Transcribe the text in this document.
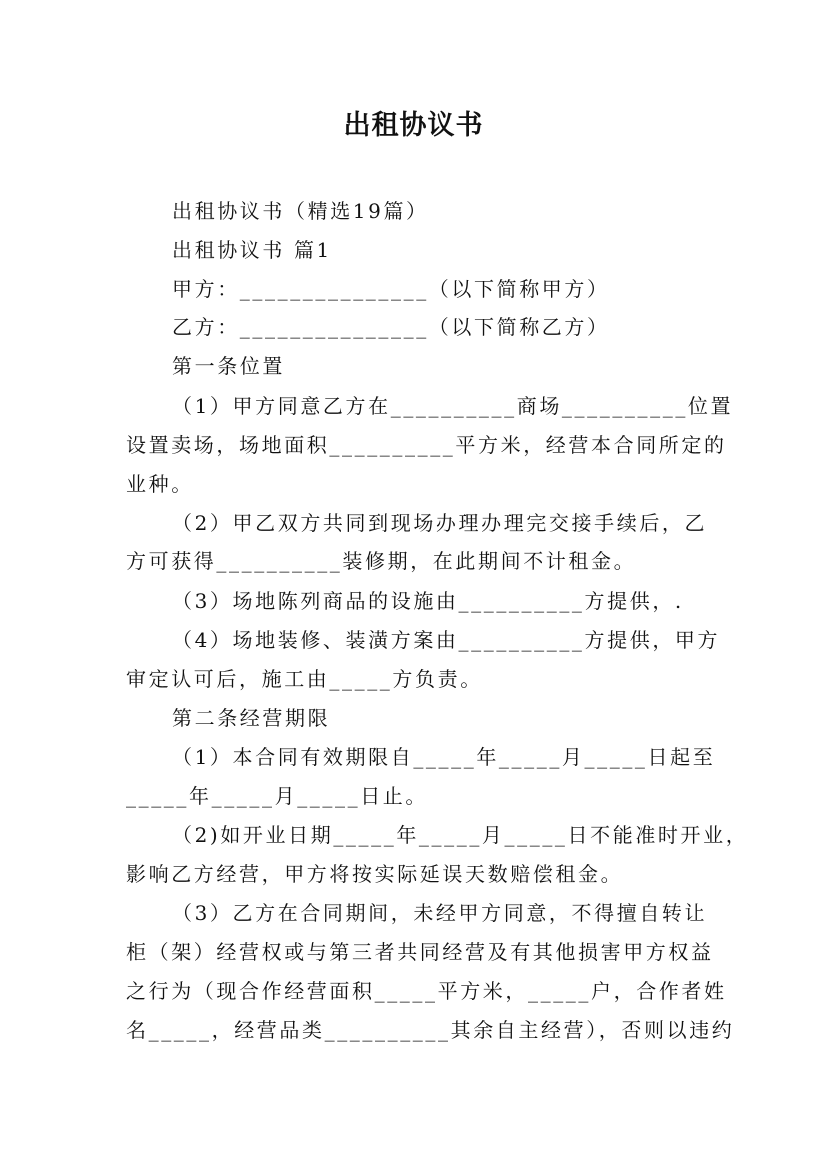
出租协议书
出租协议书（精选19篇）
出租协议书 篇1
甲方：_______________（以下简称甲方）
乙方：_______________（以下简称乙方）
第一条位置
（1）甲方同意乙方在__________商场__________位置
设置卖场，场地面积__________平方米，经营本合同所定的
业种。
（2）甲乙双方共同到现场办理办理完交接手续后，乙
方可获得__________装修期，在此期间不计租金。
（3）场地陈列商品的设施由__________方提供，.
（4）场地装修、装潢方案由__________方提供，甲方
审定认可后，施工由_____方负责。
第二条经营期限
（1）本合同有效期限自_____年_____月_____日起至
_____年_____月_____日止。
（2)如开业日期_____年_____月_____日不能准时开业，
影响乙方经营，甲方将按实际延误天数赔偿租金。
（3）乙方在合同期间，未经甲方同意，不得擅自转让
柜（架）经营权或与第三者共同经营及有其他损害甲方权益
之行为（现合作经营面积_____平方米，_____户，合作者姓
名_____，经营品类__________其余自主经营），否则以违约
